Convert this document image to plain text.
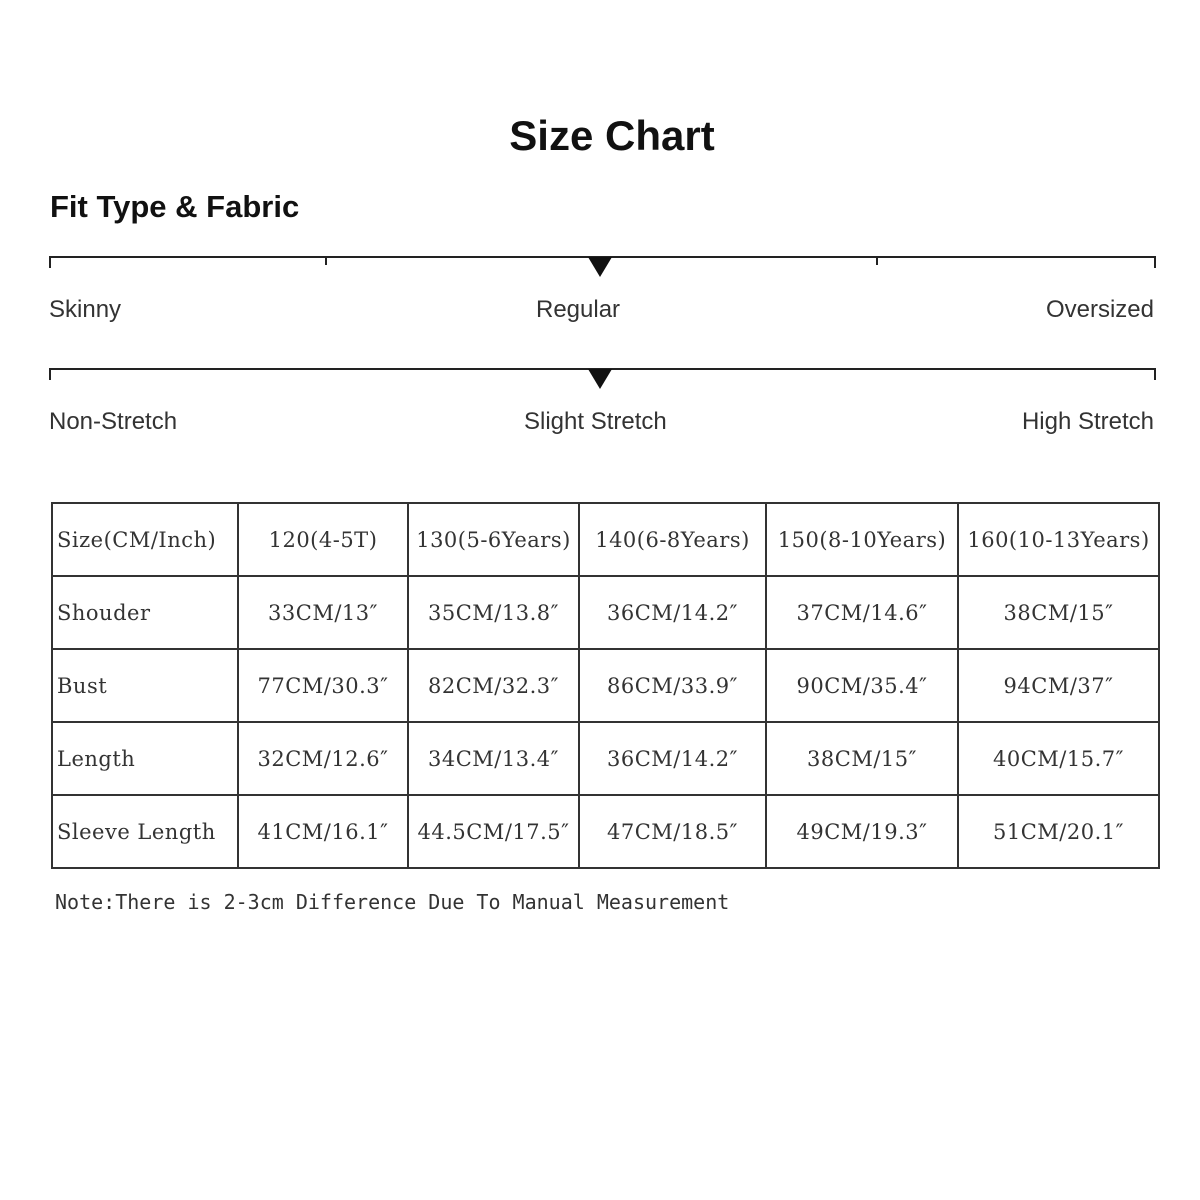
Size Chart
Fit Type & Fabric
Skinny	Regular	Oversized
Non-Stretch	Slight Stretch	High Stretch
Size(CM/Inch)	120(4-5T)	130(5-6Years)	140(6-8Years)	150(8-10Years)	160(10-13Years)
Shouder	33CM/13″	35CM/13.8″	36CM/14.2″	37CM/14.6″	38CM/15″
Bust	77CM/30.3″	82CM/32.3″	86CM/33.9″	90CM/35.4″	94CM/37″
Length	32CM/12.6″	34CM/13.4″	36CM/14.2″	38CM/15″	40CM/15.7″
Sleeve Length	41CM/16.1″	44.5CM/17.5″	47CM/18.5″	49CM/19.3″	51CM/20.1″
Note:There is 2-3cm Difference Due To Manual Measurement
